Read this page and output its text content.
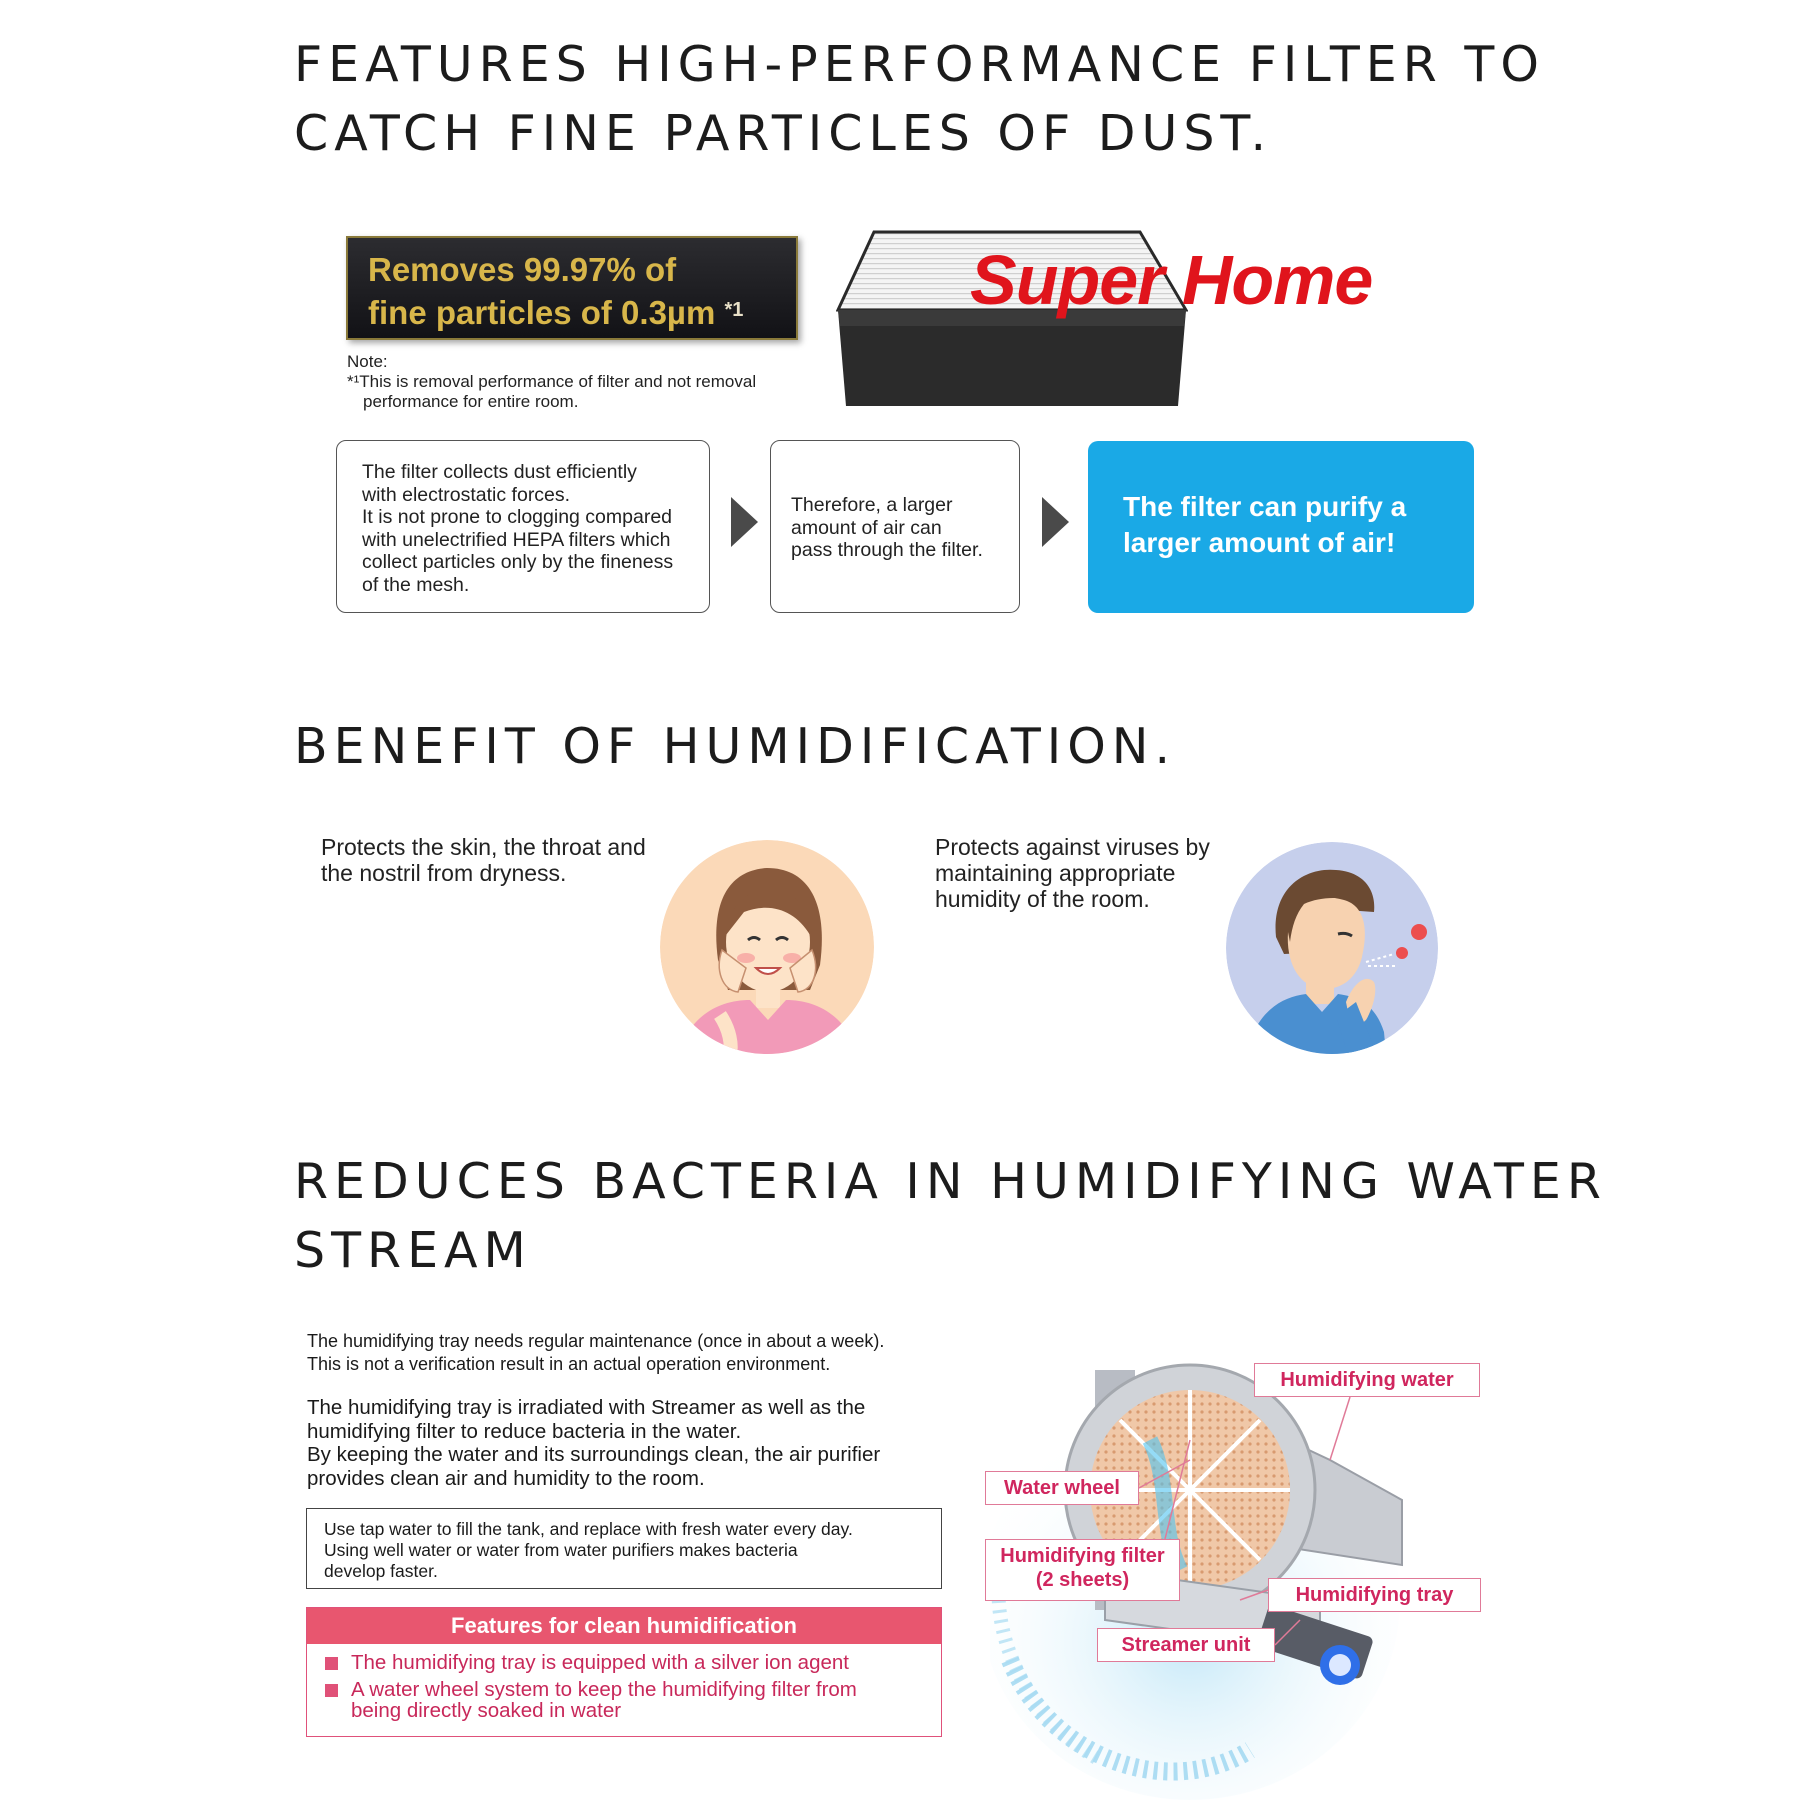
FEATURES HIGH-PERFORMANCE FILTER TO
CATCH FINE PARTICLES OF DUST.
Removes 99.97% of
fine particles of 0.3µm $^{*1}$
Note:
*¹This is removal performance of filter and not removal
performance for entire room.
Super Home
The filter collects dust efficiently
with electrostatic forces.
It is not prone to clogging compared
with unelectrified HEPA filters which
collect particles only by the fineness
of the mesh.
Therefore, a larger
amount of air can
pass through the filter.
The filter can purify a
larger amount of air!
BENEFIT OF HUMIDIFICATION.
Protects the skin, the throat and
the nostril from dryness.
Protects against viruses by
maintaining appropriate
humidity of the room.
REDUCES BACTERIA IN HUMIDIFYING WATER
STREAM
The humidifying tray needs regular maintenance (once in about a week).
This is not a verification result in an actual operation environment.
The humidifying tray is irradiated with Streamer as well as the
humidifying filter to reduce bacteria in the water.
By keeping the water and its surroundings clean, the air purifier
provides clean air and humidity to the room.
Use tap water to fill the tank, and replace with fresh water every day.
Using well water or water from water purifiers makes bacteria
develop faster.
Features for clean humidification
The humidifying tray is equipped with a silver ion agent
A water wheel system to keep the humidifying filter from
being directly soaked in water
Humidifying water
Water wheel
Humidifying filter
(2 sheets)
Humidifying tray
Streamer unit
